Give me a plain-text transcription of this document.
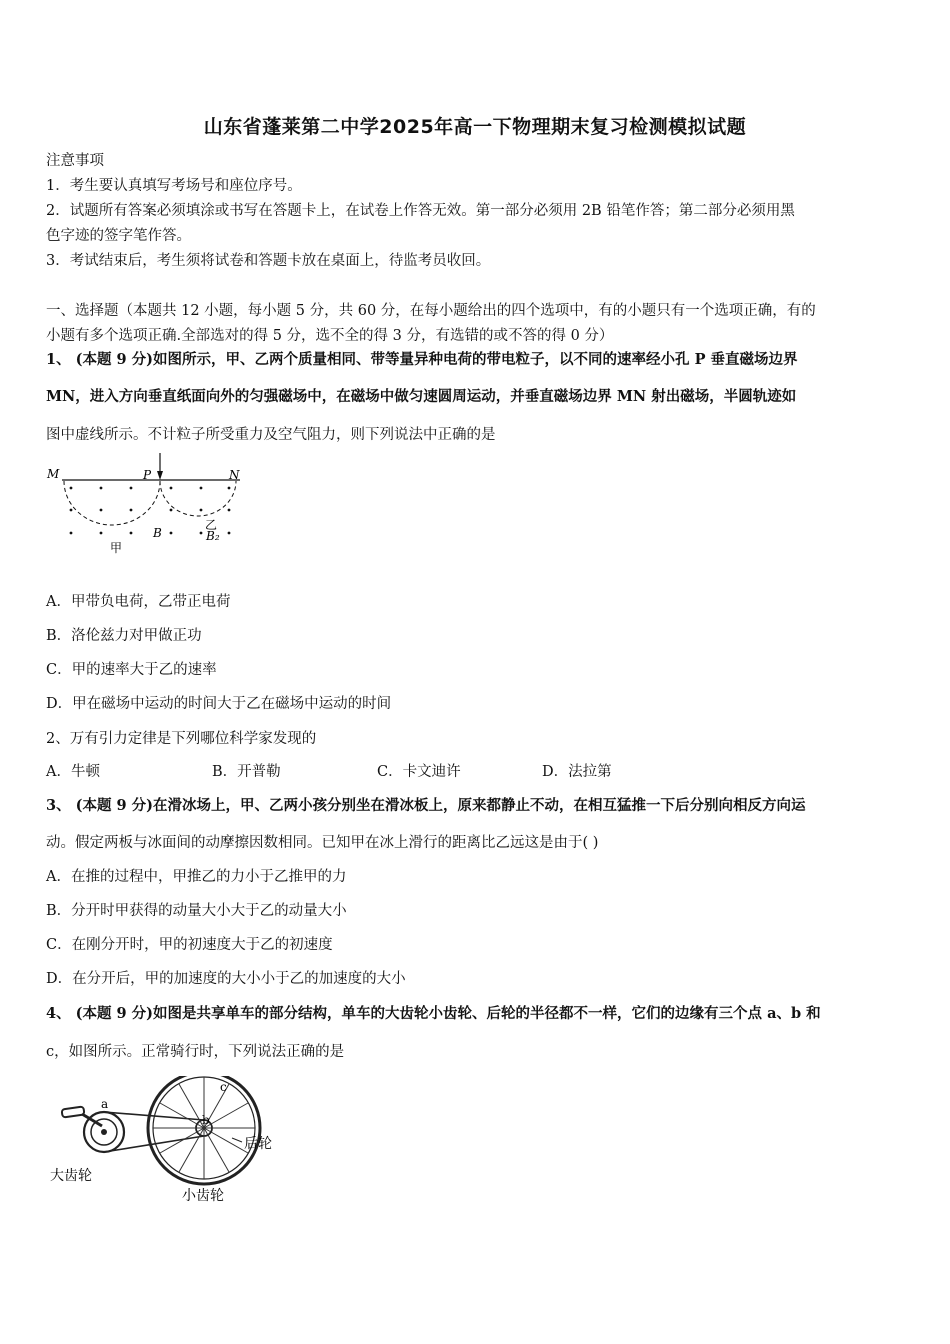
山东省蓬莱第二中学2025年高一下物理期末复习检测模拟试题
注意事项
1．考生要认真填写考场号和座位序号。
2．试题所有答案必须填涂或书写在答题卡上，在试卷上作答无效。第一部分必须用 2B 铅笔作答；第二部分必须用黑
色字迹的签字笔作答。
3．考试结束后，考生须将试卷和答题卡放在桌面上，待监考员收回。
一、选择题（本题共 12 小题，每小题 5 分，共 60 分，在每小题给出的四个选项中，有的小题只有一个选项正确，有的
小题有多个选项正确.全部选对的得 5 分，选不全的得 3 分，有选错的或不答的得 0 分）
1、 (本题 9 分)如图所示，甲、乙两个质量相同、带等量异种电荷的带电粒子，以不同的速率经小孔 P 垂直磁场边界
MN，进入方向垂直纸面向外的匀强磁场中，在磁场中做匀速圆周运动，并垂直磁场边界 MN 射出磁场，半圆轨迹如
图中虚线所示。不计粒子所受重力及空气阻力，则下列说法中正确的是
M	P	N
B
甲
乙
B₂
A．甲带负电荷，乙带正电荷
B．洛伦兹力对甲做正功
C．甲的速率大于乙的速率
D．甲在磁场中运动的时间大于乙在磁场中运动的时间
2、万有引力定律是下列哪位科学家发现的
A．牛顿	B．开普勒	C．卡文迪许	D．法拉第
3、 (本题 9 分)在滑冰场上，甲、乙两小孩分别坐在滑冰板上，原来都静止不动，在相互猛推一下后分别向相反方向运
动。假定两板与冰面间的动摩擦因数相同。已知甲在冰上滑行的距离比乙远这是由于( )
A．在推的过程中，甲推乙的力小于乙推甲的力
B．分开时甲获得的动量大小大于乙的动量大小
C．在刚分开时，甲的初速度大于乙的初速度
D．在分开后，甲的加速度的大小小于乙的加速度的大小
4、 (本题 9 分)如图是共享单车的部分结构，单车的大齿轮小齿轮、后轮的半径都不一样，它们的边缘有三个点 a、b 和
c，如图所示。正常骑行时，下列说法正确的是
a
b
c
大齿轮
小齿轮
后轮
